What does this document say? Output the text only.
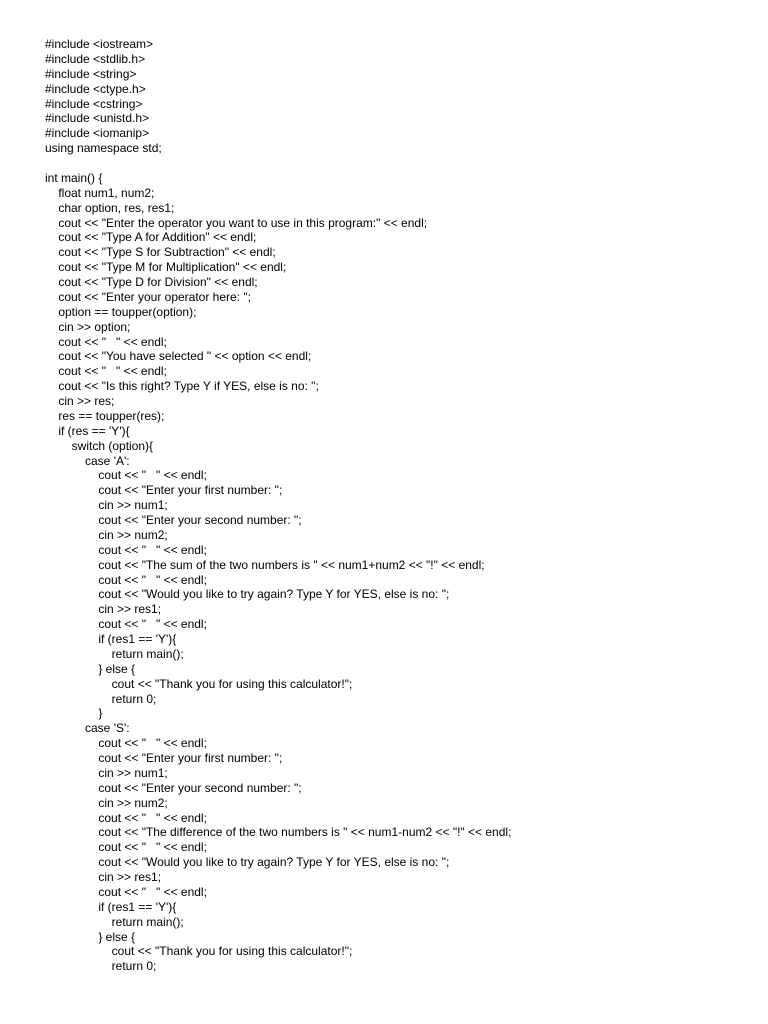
#include <iostream>
#include <stdlib.h>
#include <string>
#include <ctype.h>
#include <cstring>
#include <unistd.h>
#include <iomanip>
using namespace std;
int main() {
float num1, num2;
char option, res, res1;
cout << "Enter the operator you want to use in this program:" << endl;
cout << "Type A for Addition" << endl;
cout << "Type S for Subtraction" << endl;
cout << "Type M for Multiplication" << endl;
cout << "Type D for Division" << endl;
cout << "Enter your operator here: ";
option == toupper(option);
cin >> option;
cout << "   " << endl;
cout << "You have selected " << option << endl;
cout << "   " << endl;
cout << "Is this right? Type Y if YES, else is no: ";
cin >> res;
res == toupper(res);
if (res == 'Y'){
switch (option){
case 'A':
cout << "   " << endl;
cout << "Enter your first number: ";
cin >> num1;
cout << "Enter your second number: ";
cin >> num2;
cout << "   " << endl;
cout << "The sum of the two numbers is " << num1+num2 << "!" << endl;
cout << "   " << endl;
cout << "Would you like to try again? Type Y for YES, else is no: ";
cin >> res1;
cout << "   " << endl;
if (res1 == 'Y'){
return main();
} else {
cout << "Thank you for using this calculator!";
return 0;
}
case 'S':
cout << "   " << endl;
cout << "Enter your first number: ";
cin >> num1;
cout << "Enter your second number: ";
cin >> num2;
cout << "   " << endl;
cout << "The difference of the two numbers is " << num1-num2 << "!" << endl;
cout << "   " << endl;
cout << "Would you like to try again? Type Y for YES, else is no: ";
cin >> res1;
cout << "   " << endl;
if (res1 == 'Y'){
return main();
} else {
cout << "Thank you for using this calculator!";
return 0;
